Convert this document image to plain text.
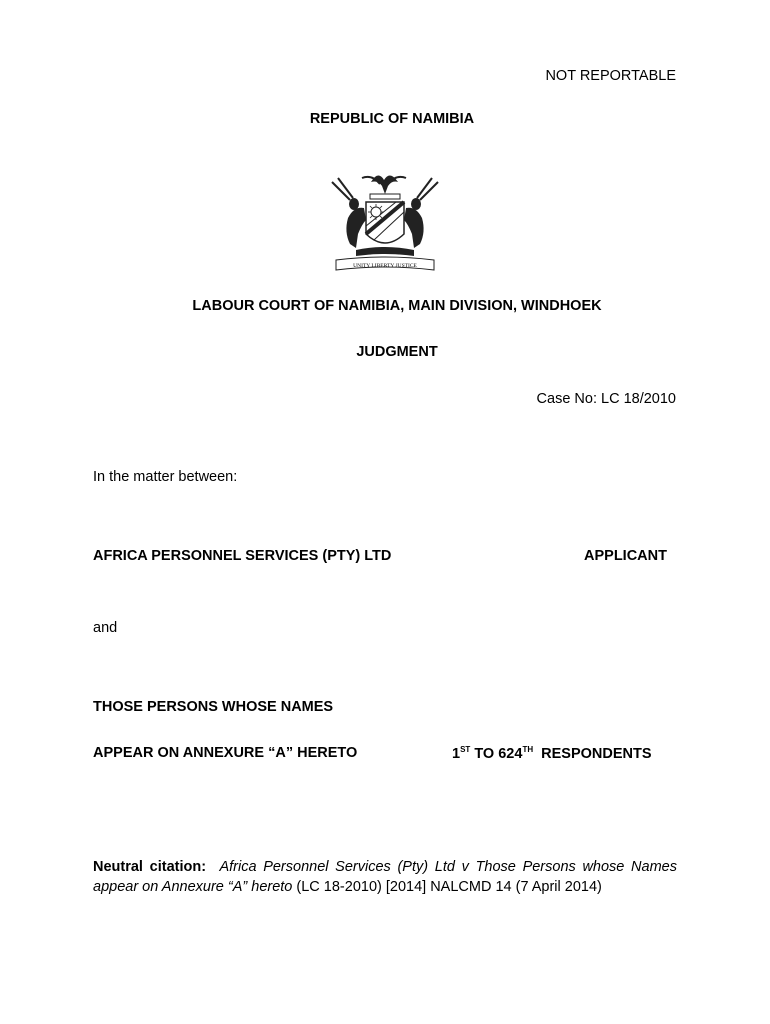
NOT REPORTABLE
REPUBLIC OF NAMIBIA
UNITY LIBERTY JUSTICE
LABOUR COURT OF NAMIBIA, MAIN DIVISION, WINDHOEK
JUDGMENT
Case No: LC 18/2010
In the matter between:
AFRICA PERSONNEL SERVICES (PTY) LTD	APPLICANT
and
THOSE PERSONS WHOSE NAMES
APPEAR ON ANNEXURE “A” HERETO	1ST TO 624TH  RESPONDENTS
Neutral citation: Africa Personnel Services (Pty) Ltd v Those Persons whose Names appear on Annexure “A” hereto (LC 18-2010) [2014] NALCMD 14 (7 April 2014)
